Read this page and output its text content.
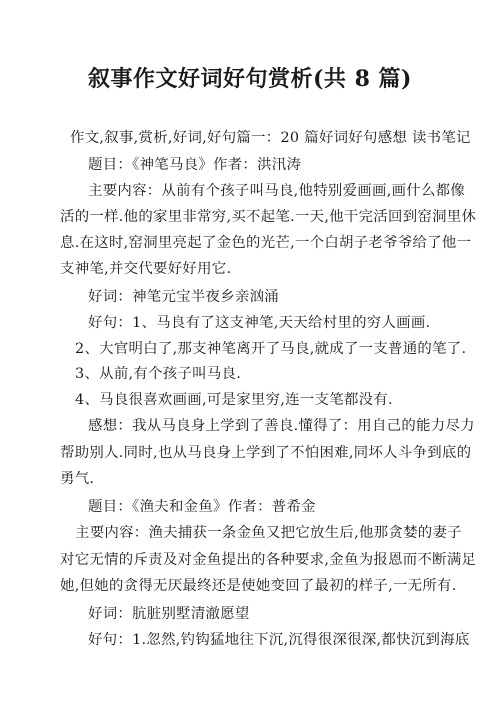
叙事作文好词好句赏析(共 8 篇)
作文,叙事,赏析,好词,好句篇一：20 篇好词好句感想 读书笔记
题目：《神笔马良》作者：洪汛涛
主要内容：从前有个孩子叫马良,他特别爱画画,画什么都像
活的一样.他的家里非常穷,买不起笔.一天,他干完活回到窑洞里休
息.在这时,窑洞里亮起了金色的光芒,一个白胡子老爷爷给了他一
支神笔,并交代要好好用它.
好词：神笔元宝半夜乡亲汹涌
好句：1、马良有了这支神笔,天天给村里的穷人画画.
2、大官明白了,那支神笔离开了马良,就成了一支普通的笔了.
3、从前,有个孩子叫马良.
4、马良很喜欢画画,可是家里穷,连一支笔都没有.
感想：我从马良身上学到了善良.懂得了：用自己的能力尽力
帮助别人.同时,也从马良身上学到了不怕困难,同坏人斗争到底的
勇气.
题目：《渔夫和金鱼》作者：普希金
主要内容：渔夫捕获一条金鱼又把它放生后,他那贪婪的妻子
对它无情的斥责及对金鱼提出的各种要求,金鱼为报恩而不断满足
她,但她的贪得无厌最终还是使她变回了最初的样子,一无所有.
好词：肮脏别墅清澈愿望
好句：1.忽然,钓钩猛地往下沉,沉得很深很深,都快沉到海底
